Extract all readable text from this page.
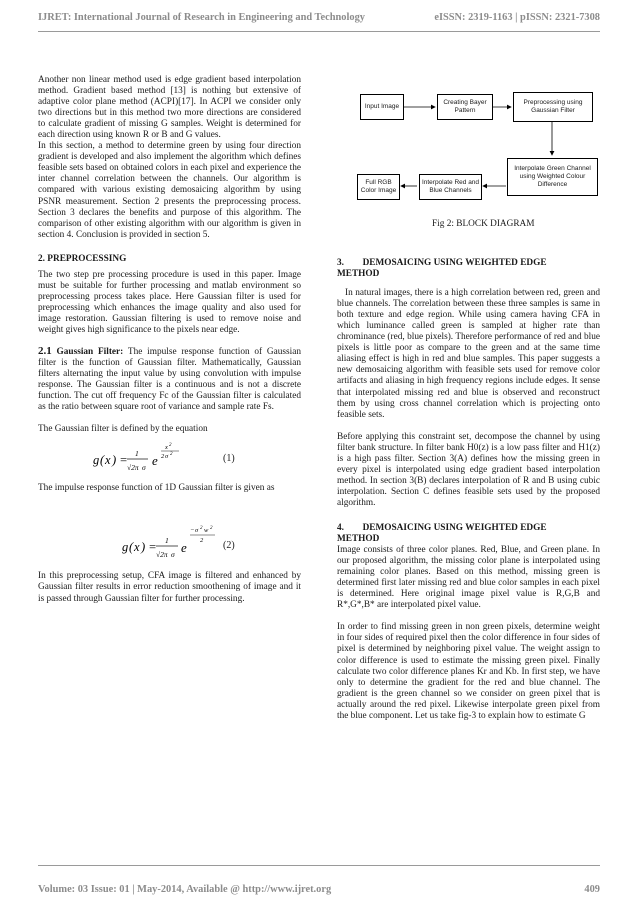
IJRET: International Journal of Research in Engineering and Technology	eISSN: 2319-1163 | pISSN: 2321-7308

Another non linear method used is edge gradient based interpolation method. Gradient based method [13] is nothing but extensive of adaptive color plane method (ACPI)[17]. In ACPI we consider only two directions but in this method two more directions are considered to calculate gradient of missing G samples. Weight is determined for each direction using known R or B and G values.

In this section, a method to determine green by using four direction gradient is developed and also implement the algorithm which defines feasible sets based on obtained colors in each pixel and experience the inter channel correlation between the channels. Our algorithm is compared with various existing demosaicing algorithm by using PSNR measurement. Section 2 presents the preprocessing process. Section 3 declares the benefits and purpose of this algorithm. The comparison of other existing algorithm with our algorithm is given in section 4. Conclusion is provided in section 5.

2. PREPROCESSING

The two step pre processing procedure is used in this paper. Image must be suitable for further processing and matlab environment so preprocessing process takes place. Here Gaussian filter is used for preprocessing which enhances the image quality and also used for image restoration. Gaussian filtering is used to remove noise and weight gives high significance to the pixels near edge.

2.1 Gaussian Filter: The impulse response function of Gaussian filter is the function of Gaussian filter. Mathematically, Gaussian filters alternating the input value by using convolution with impulse response. The Gaussian filter is a continuous and is not a discrete function. The cut off frequency Fc of the Gaussian filter is calculated as the ratio between square root of variance and sample rate Fs.

The Gaussian filter is defined by the equation

g ( x ) = 1
√2π σ e
x 2
2 σ 2	(1)

The impulse response function of 1D Gaussian filter is given as

g ( x ) = 1
√2π σ e
− σ 2 w 2
2 (2)

In this preprocessing setup, CFA image is filtered and enhanced by Gaussian filter results in error reduction smoothening of image and it is passed through Gaussian filter for further processing.

Input Image
Creating Bayer Pattern
Preprocessing using Gaussian Filter
Full RGB Color Image
Interpolate Red and Blue Channels
Interpolate Green Channel using Weighted Colour Difference
Fig 2: BLOCK DIAGRAM

3.        DEMOSAICING USING WEIGHTED EDGE

METHOD

In natural images, there is a high correlation between red, green and blue channels. The correlation between these three samples is same in both texture and edge region. While using camera having CFA in which luminance called green is sampled at higher rate than chrominance (red, blue pixels). Therefore performance of red and blue pixels is little poor as compare to the green and at the same time aliasing effect is high in red and blue samples. This paper suggests a new demosaicing algorithm with feasible sets used for remove color artifacts and aliasing in high frequency regions include edges. It sense that interpolated missing red and blue is observed and reconstruct them by using cross channel correlation which is projecting onto feasible sets.

Before applying this constraint set, decompose the channel by using filter bank structure. In filter bank H0(z) is a low pass filter and H1(z) is a high pass filter. Section 3(A) defines how the missing green in every pixel is interpolated using edge gradient based interpolation method. In section 3(B) declares interpolation of R and B using cubic interpolation. Section C defines feasible sets used by the proposed algorithm.

4.        DEMOSAICING USING WEIGHTED EDGE

METHOD

Image consists of three color planes. Red, Blue, and Green plane. In our proposed algorithm, the missing color plane is interpolated using remaining color planes. Based on this method, missing green is determined first later missing red and blue color samples in each pixel is determined. Here original image pixel value is R,G,B and R*,G*,B* are interpolated pixel value.

In order to find missing green in non green pixels, determine weight in four sides of required pixel then the color difference in four sides of pixel is determined by neighboring pixel value. The weight assign to color difference is used to estimate the missing green pixel. Finally calculate two color difference planes Kr and Kb. In first step, we have only to determine the gradient for the red and blue channel. The gradient is the green channel so we consider on green pixel that is actually around the red pixel. Likewise interpolate green pixel from the blue component. Let us take fig-3 to explain how to estimate G

Volume: 03 Issue: 01 | May-2014, Available @ http://www.ijret.org	409
